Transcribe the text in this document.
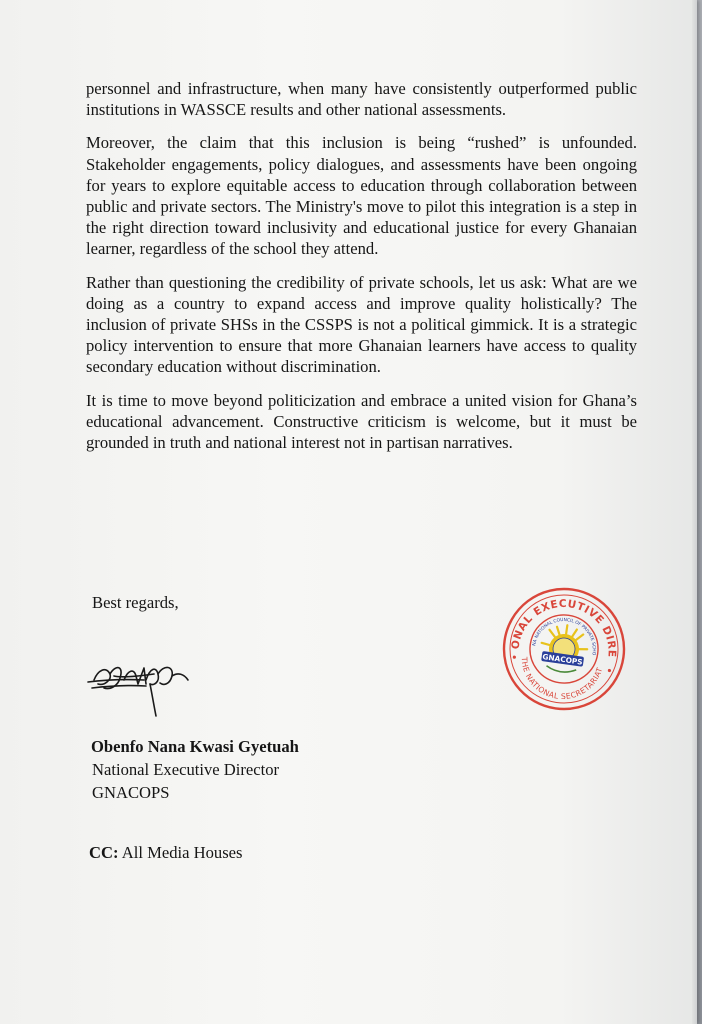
personnel and infrastructure, when many have consistently outperformed public institutions in WASSCE results and other national assessments.

Moreover, the claim that this inclusion is being “rushed” is unfounded. Stakeholder engagements, policy dialogues, and assessments have been ongoing for years to explore equitable access to education through collaboration between public and private sectors. The Ministry's move to pilot this integration is a step in the right direction toward inclusivity and educational justice for every Ghanaian learner, regardless of the school they attend.

Rather than questioning the credibility of private schools, let us ask: What are we doing as a country to expand access and improve quality holistically? The inclusion of private SHSs in the CSSPS is not a political gimmick. It is a strategic policy intervention to ensure that more Ghanaian learners have access to quality secondary education without discrimination.

It is time to move beyond politicization and embrace a united vision for Ghana’s educational advancement. Constructive criticism is welcome, but it must be grounded in truth and national interest not in partisan narratives.

Best regards,
Obenfo Nana Kwasi Gyetuah
National Executive Director
GNACOPS
CC: All Media Houses
NATIONAL EXECUTIVE DIRECTOR
THE NATIONAL SECRETARIAT
GHANA NATIONAL COUNCIL OF PRIVATE SCHOOLS
GNACOPS
